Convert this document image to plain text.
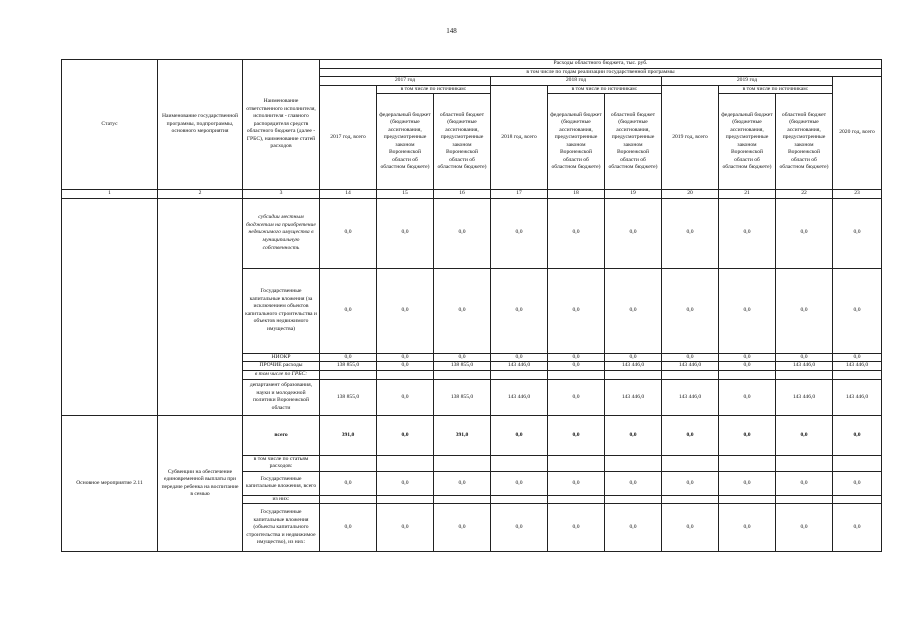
148
Статус	Наименование государственной программы, подпрограммы, основного мероприятия	Наименование ответственного исполнителя, исполнителя - главного распорядителя средств областного бюджета (далее - ГРБС), наименование статей расходов	Расходы областного бюджета, тыс. руб.									
			в том числе по годам реализации государственной программы									
			2017 год			2018 год			2019 год			2020 год, всего
			2017 год, всего	в том числе по источникам:		2018 год, всего	в том числе по источникам:		2019 год, всего	в том числе по источникам:		
				федеральный бюджет (бюджетные ассигнования, предусмотренные законом Воронежской области об областном бюджете)	областной бюджет (бюджетные ассигнования, предусмотренные законом Воронежской области об областном бюджете)		федеральный бюджет (бюджетные ассигнования, предусмотренные законом Воронежской области об областном бюджете)	областной бюджет (бюджетные ассигнования, предусмотренные законом Воронежской области об областном бюджете)		федеральный бюджет (бюджетные ассигнования, предусмотренные законом Воронежской области об областном бюджете)	областной бюджет (бюджетные ассигнования, предусмотренные законом Воронежской области об областном бюджете)	
1	2	3	14	15	16	17	18	19	20	21	22	23
		субсидии местным бюджетам на приобретение недвижимого имущества в муниципальную собственность	0,0	0,0	0,0	0,0	0,0	0,0	0,0	0,0	0,0	0,0
		Государственные капитальные вложения (за исключением объектов капитального строительства и объектов недвижимого имущества)	0,0	0,0	0,0	0,0	0,0	0,0	0,0	0,0	0,0	0,0
		НИОКР	0,0	0,0	0,0	0,0	0,0	0,0	0,0	0,0	0,0	0,0
		ПРОЧИЕ расходы	138 855,0	0,0	138 855,0	143 446,0	0,0	143 446,0	143 446,0	0,0	143 446,0	143 446,0
		в том числе по ГРБС:										
		департамент образования, науки и молодежной политики Воронежской области	138 855,0	0,0	138 855,0	143 446,0	0,0	143 446,0	143 446,0	0,0	143 446,0	143 446,0
Основное мероприятие 2.11	Субвенции на обеспечение единовременной выплаты при передаче ребенка на воспитание в семью	всего	391,0	0,0	391,0	0,0	0,0	0,0	0,0	0,0	0,0	0,0
		в том числе по статьям расходов:										
		Государственные капитальные вложения, всего	0,0	0,0	0,0	0,0	0,0	0,0	0,0	0,0	0,0	0,0
		из них:										
		Государственные капитальные вложения (объекты капитального строительства и недвижимое имущество), из них:	0,0	0,0	0,0	0,0	0,0	0,0	0,0	0,0	0,0	0,0
